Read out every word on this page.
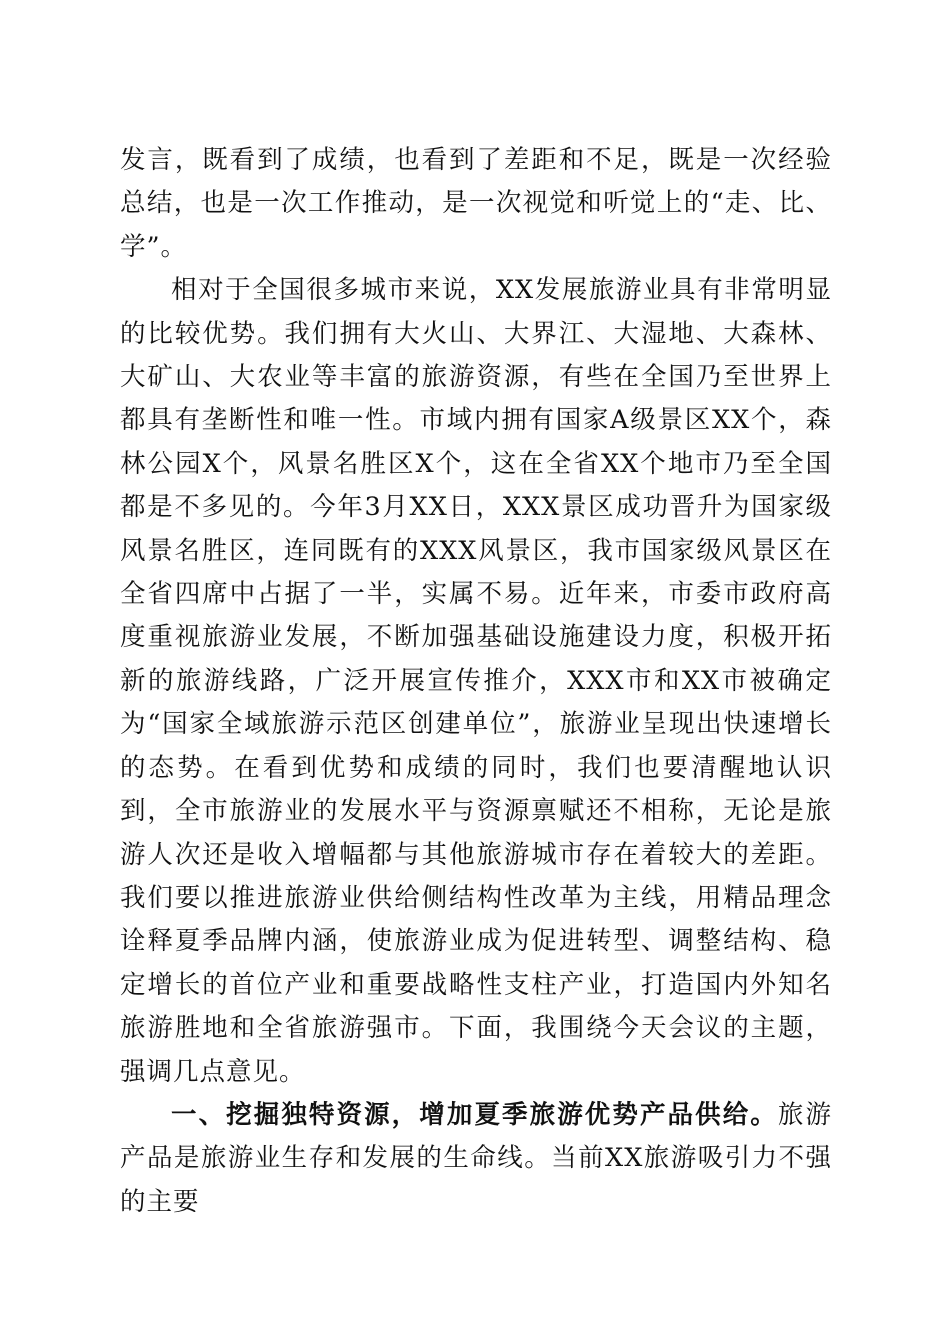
发言，既看到了成绩，也看到了差距和不足，既是一次经验总结，也是一次工作推动，是一次视觉和听觉上的“走、比、学”。

相对于全国很多城市来说，XX发展旅游业具有非常明显的比较优势。我们拥有大火山、大界江、大湿地、大森林、大矿山、大农业等丰富的旅游资源，有些在全国乃至世界上都具有垄断性和唯一性。市域内拥有国家A级景区XX个，森林公园X个，风景名胜区X个，这在全省XX个地市乃至全国都是不多见的。今年3月XX日，XXX景区成功晋升为国家级风景名胜区，连同既有的XXX风景区，我市国家级风景区在全省四席中占据了一半，实属不易。近年来，市委市政府高度重视旅游业发展，不断加强基础设施建设力度，积极开拓新的旅游线路，广泛开展宣传推介，XXX市和XX市被确定为“国家全域旅游示范区创建单位”，旅游业呈现出快速增长的态势。在看到优势和成绩的同时，我们也要清醒地认识到，全市旅游业的发展水平与资源禀赋还不相称，无论是旅游人次还是收入增幅都与其他旅游城市存在着较大的差距。我们要以推进旅游业供给侧结构性改革为主线，用精品理念诠释夏季品牌内涵，使旅游业成为促进转型、调整结构、稳定增长的首位产业和重要战略性支柱产业，打造国内外知名旅游胜地和全省旅游强市。下面，我围绕今天会议的主题，强调几点意见。

一、挖掘独特资源，增加夏季旅游优势产品供给。旅游产品是旅游业生存和发展的生命线。当前XX旅游吸引力不强的主要
